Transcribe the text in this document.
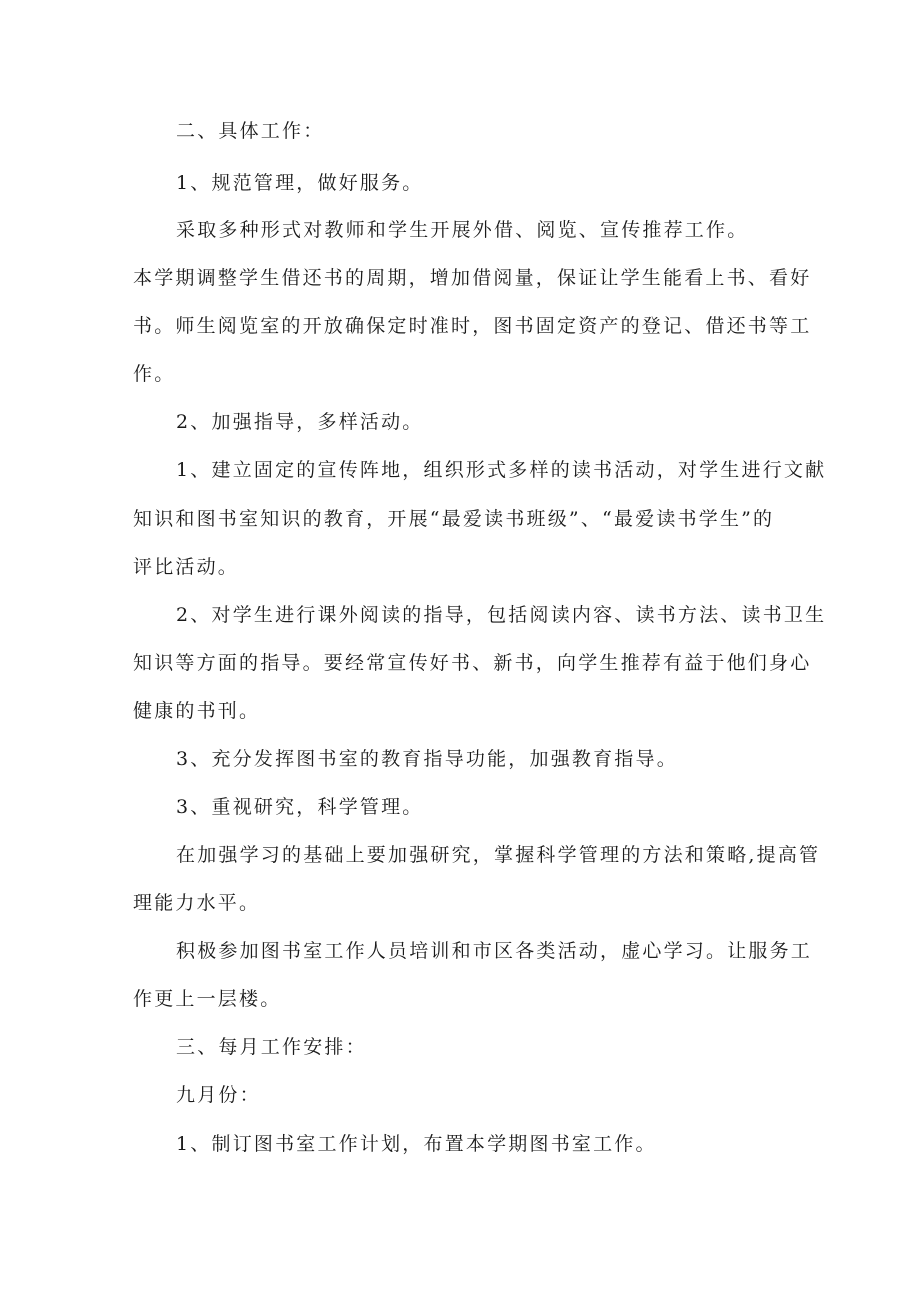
二、具体工作：
1、规范管理，做好服务。
采取多种形式对教师和学生开展外借、阅览、宣传推荐工作。
本学期调整学生借还书的周期，增加借阅量，保证让学生能看上书、看好
书。师生阅览室的开放确保定时准时，图书固定资产的登记、借还书等工
作。
2、加强指导，多样活动。
1、建立固定的宣传阵地，组织形式多样的读书活动，对学生进行文献
知识和图书室知识的教育，开展“最爱读书班级”、“最爱读书学生”的
评比活动。
2、对学生进行课外阅读的指导，包括阅读内容、读书方法、读书卫生
知识等方面的指导。要经常宣传好书、新书，向学生推荐有益于他们身心
健康的书刊。
3、充分发挥图书室的教育指导功能，加强教育指导。
3、重视研究，科学管理。
在加强学习的基础上要加强研究，掌握科学管理的方法和策略,提高管
理能力水平。
积极参加图书室工作人员培训和市区各类活动，虚心学习。让服务工
作更上一层楼。
三、每月工作安排：
九月份：
1、制订图书室工作计划，布置本学期图书室工作。
